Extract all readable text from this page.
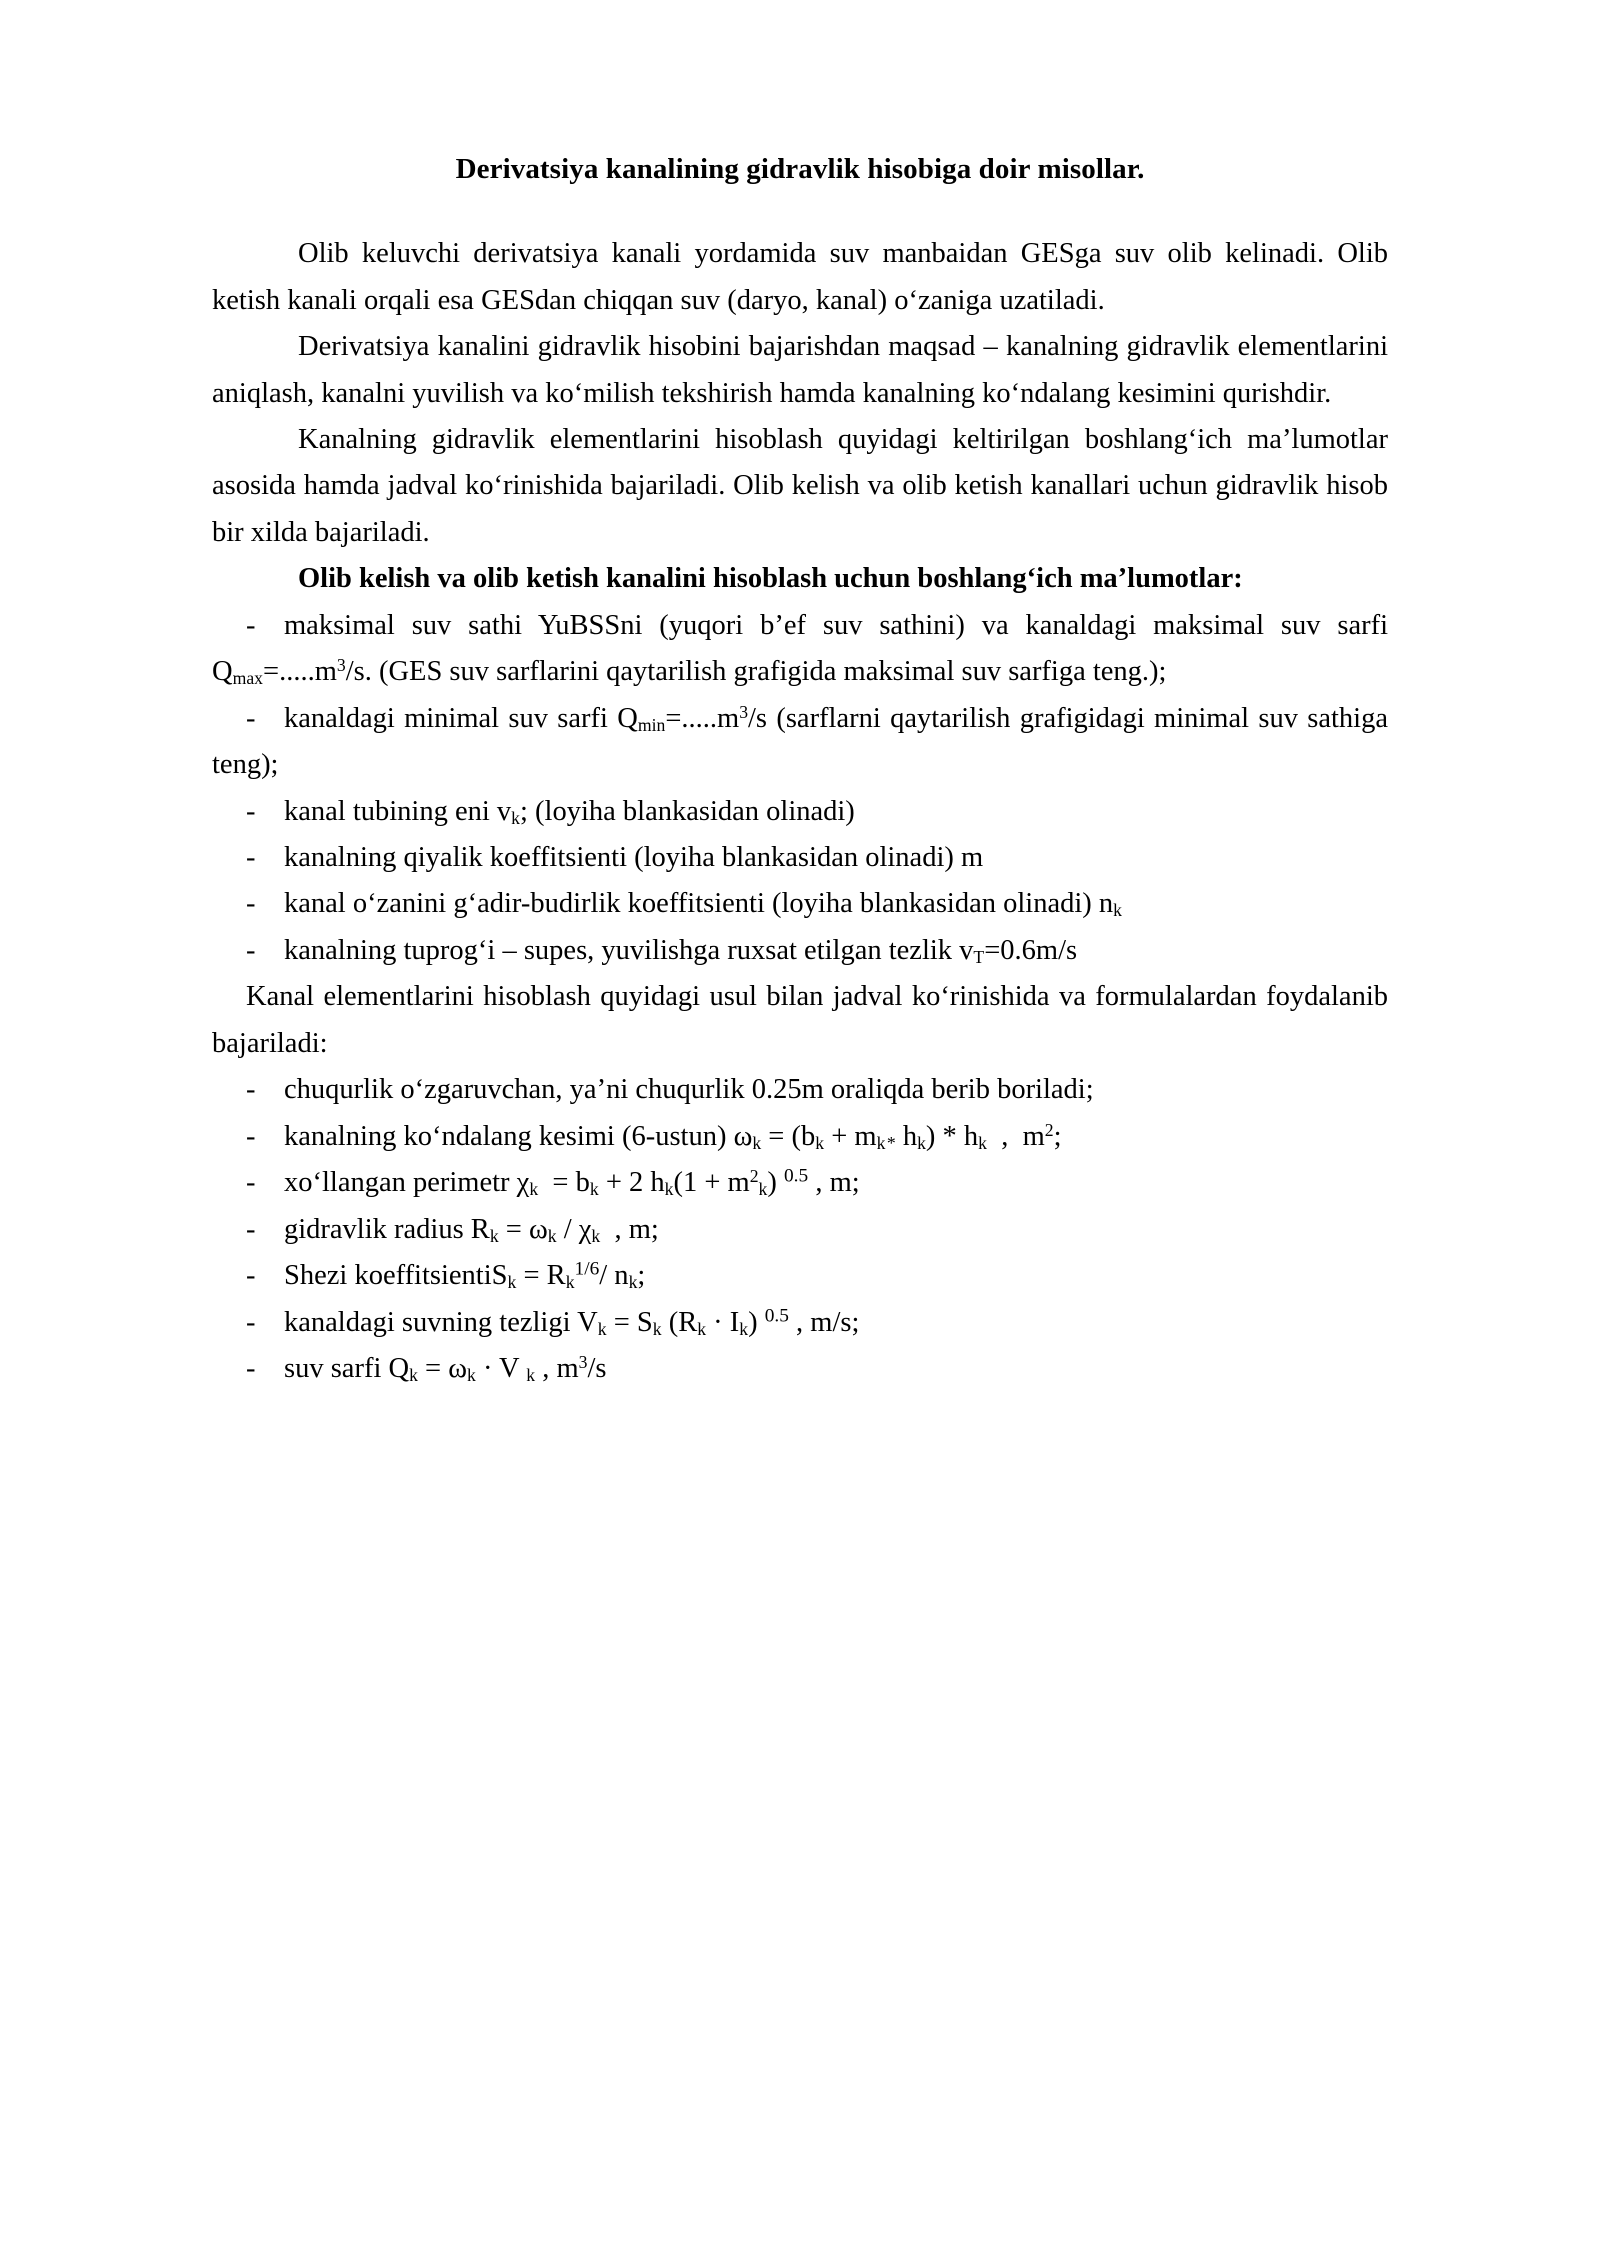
Derivatsiya kanalining gidravlik hisobiga doir misollar.

Olib keluvchi derivatsiya kanali yordamida suv manbaidan GESga suv olib kelinadi. Olib ketish kanali orqali esa GESdan chiqqan suv (daryo, kanal) o‘zaniga uzatiladi.

Derivatsiya kanalini gidravlik hisobini bajarishdan maqsad – kanalning gidravlik elementlarini aniqlash, kanalni yuvilish va ko‘milish tekshirish hamda kanalning ko‘ndalang kesimini qurishdir.

Kanalning gidravlik elementlarini hisoblash quyidagi keltirilgan boshlang‘ich ma’lumotlar asosida hamda jadval ko‘rinishida bajariladi. Olib kelish va olib ketish kanallari uchun gidravlik hisob bir xilda bajariladi.

Olib kelish va olib ketish kanalini hisoblash uchun boshlang‘ich ma’lumotlar:

- maksimal suv sathi YuBSSni (yuqori b’ef suv sathini) va kanaldagi maksimal suv sarfi $Q_{max}=.....m^3/s$. (GES suv sarflarini qaytarilish grafigida maksimal suv sarfiga teng.);
- kanaldagi minimal suv sarfi $Q_{min}=.....m^3/s$ (sarflarni qaytarilish grafigidagi minimal suv sathiga teng);
- kanal tubining eni $v_k$; (loyiha blankasidan olinadi)
- kanalning qiyalik koeffitsienti (loyiha blankasidan olinadi) m
- kanal o‘zanini g‘adir-budirlik koeffitsienti (loyiha blankasidan olinadi) $n_k$
- kanalning tuprog‘i – supes, yuvilishga ruxsat etilgan tezlik $v_T=0.6m/s$

Kanal elementlarini hisoblash quyidagi usul bilan jadval ko‘rinishida va formulalardan foydalanib bajariladi:

- chuqurlik o‘zgaruvchan, ya’ni chuqurlik 0.25m oraliqda berib boriladi;
- kanalning ko‘ndalang kesimi (6-ustun) $\omega_k = (b_k + m_{k *}$ $h_k) * h_k$  ,  $m^2$;
- xo‘llangan perimetr $\chi_k = b_k + 2$ $h_k(1 + m^2_k)$ $^{0.5}$ , m;
- gidravlik radius $R_k = \omega_k / \chi_k$  , m;
- Shezi koeffitsientiS$_k$ = $R_k^{1/6}/$ $n_k$;
- kanaldagi suvning tezligi $V_k = S_k$ $(R_k \cdot I_k)$ $^{0.5}$ , m/s;
- suv sarfi $Q_k = \omega_k \cdot V$ $_k$ , $m^3/s$
